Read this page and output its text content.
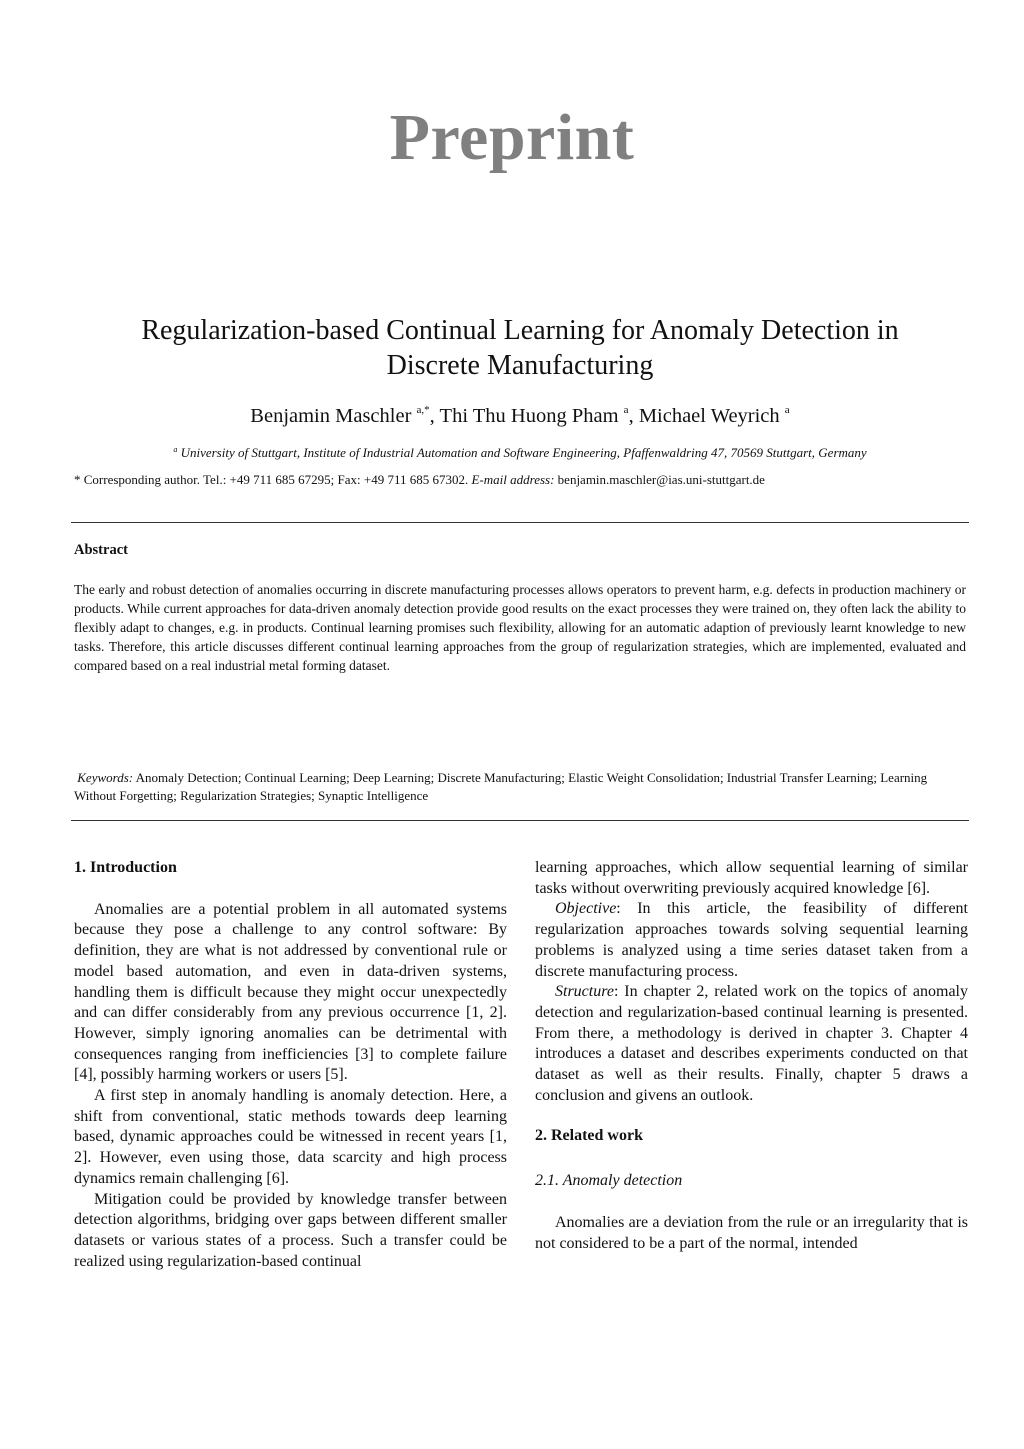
Preprint
Regularization-based Continual Learning for Anomaly Detection in
Discrete Manufacturing
Benjamin Maschler $^{a,*}$, Thi Thu Huong Pham $^a$, Michael Weyrich $^a$
$^a$ University of Stuttgart, Institute of Industrial Automation and Software Engineering, Pfaffenwaldring 47, 70569 Stuttgart, Germany
* Corresponding author. Tel.: +49 711 685 67295; Fax: +49 711 685 67302. E-mail address: benjamin.maschler@ias.uni-stuttgart.de
Abstract
The early and robust detection of anomalies occurring in discrete manufacturing processes allows operators to prevent harm, e.g. defects in production machinery or products. While current approaches for data-driven anomaly detection provide good results on the exact processes they were trained on, they often lack the ability to flexibly adapt to changes, e.g. in products. Continual learning promises such flexibility, allowing for an automatic adaption of previously learnt knowledge to new tasks. Therefore, this article discusses different continual learning approaches from the group of regularization strategies, which are implemented, evaluated and compared based on a real industrial metal forming dataset.
Keywords: Anomaly Detection; Continual Learning; Deep Learning; Discrete Manufacturing; Elastic Weight Consolidation; Industrial Transfer Learning; Learning Without Forgetting; Regularization Strategies; Synaptic Intelligence
1. Introduction

Anomalies are a potential problem in all automated systems because they pose a challenge to any control software: By definition, they are what is not addressed by conventional rule or model based automation, and even in data-driven systems, handling them is difficult because they might occur unexpectedly and can differ considerably from any previous occurrence [1, 2]. However, simply ignoring anomalies can be detrimental with consequences ranging from inefficiencies [3] to complete failure [4], possibly harming workers or users [5].

A first step in anomaly handling is anomaly detection. Here, a shift from conventional, static methods towards deep learning based, dynamic approaches could be witnessed in recent years [1, 2]. However, even using those, data scarcity and high process dynamics remain challenging [6].

Mitigation could be provided by knowledge transfer between detection algorithms, bridging over gaps between different smaller datasets or various states of a process. Such a transfer could be realized using regularization-based continual

learning approaches, which allow sequential learning of similar tasks without overwriting previously acquired knowledge [6].

Objective: In this article, the feasibility of different regularization approaches towards solving sequential learning problems is analyzed using a time series dataset taken from a discrete manufacturing process.

Structure: In chapter 2, related work on the topics of anomaly detection and regularization-based continual learning is presented. From there, a methodology is derived in chapter 3. Chapter 4 introduces a dataset and describes experiments conducted on that dataset as well as their results. Finally, chapter 5 draws a conclusion and givens an outlook.

2. Related work
2.1. Anomaly detection

Anomalies are a deviation from the rule or an irregularity that is not considered to be a part of the normal, intended
